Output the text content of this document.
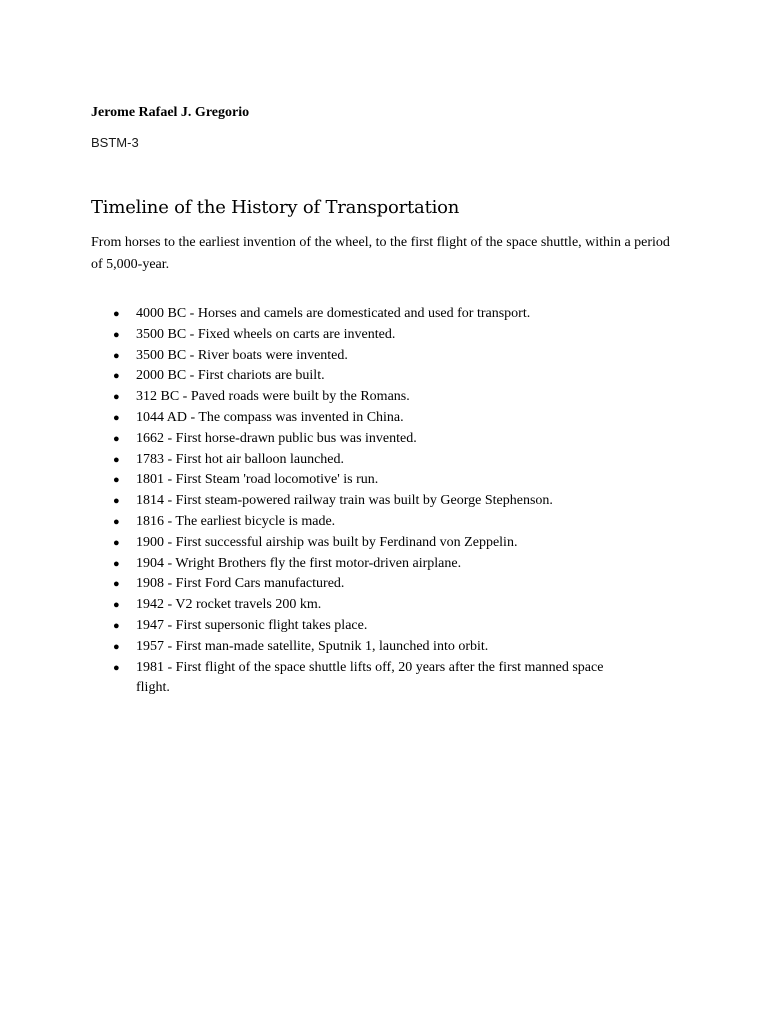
Jerome Rafael J. Gregorio
BSTM-3
Timeline of the History of Transportation
From horses to the earliest invention of the wheel, to the first flight of the space shuttle, within a period of 5,000-year.
● 4000 BC - Horses and camels are domesticated and used for transport.
● 3500 BC - Fixed wheels on carts are invented.
● 3500 BC - River boats were invented.
● 2000 BC - First chariots are built.
● 312 BC - Paved roads were built by the Romans.
● 1044 AD - The compass was invented in China.
● 1662 - First horse-drawn public bus was invented.
● 1783 - First hot air balloon launched.
● 1801 - First Steam 'road locomotive' is run.
● 1814 - First steam-powered railway train was built by George Stephenson.
● 1816 - The earliest bicycle is made.
● 1900 - First successful airship was built by Ferdinand von Zeppelin.
● 1904 - Wright Brothers fly the first motor-driven airplane.
● 1908 - First Ford Cars manufactured.
● 1942 - V2 rocket travels 200 km.
● 1947 - First supersonic flight takes place.
● 1957 - First man-made satellite, Sputnik 1, launched into orbit.
● 1981 - First flight of the space shuttle lifts off, 20 years after the first manned space flight.
